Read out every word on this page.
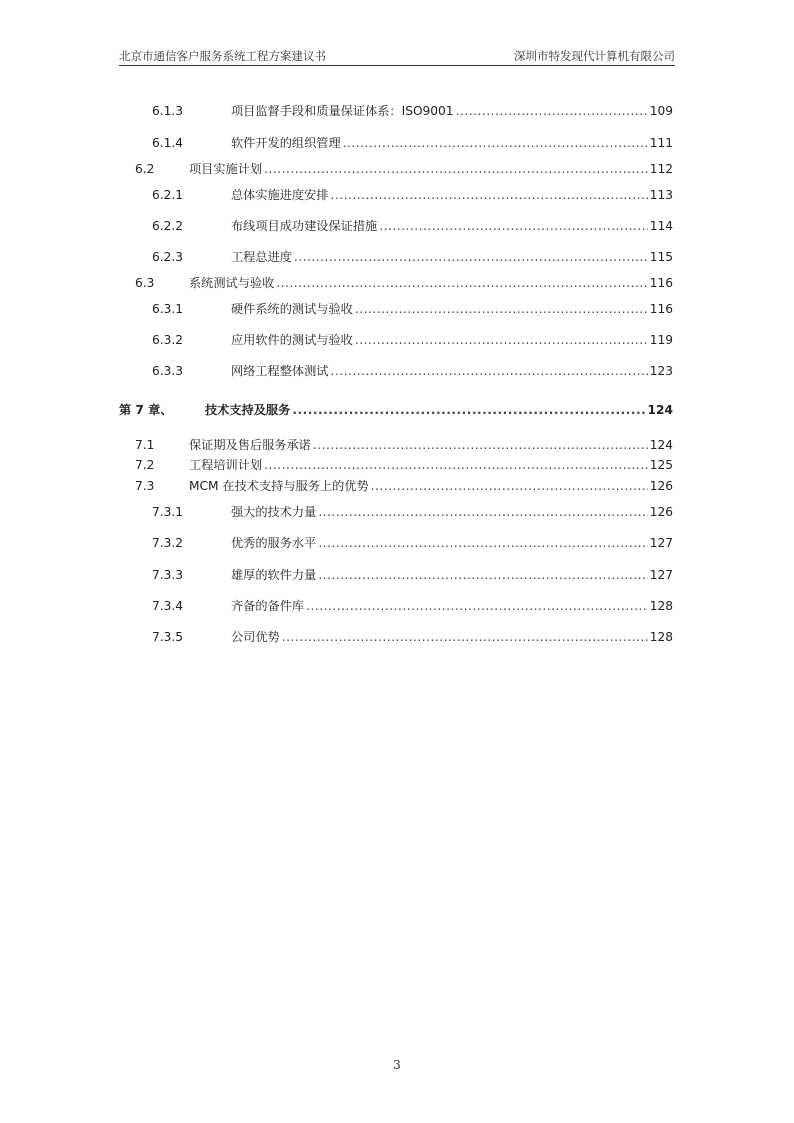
北京市通信客户服务系统工程方案建议书	深圳市特发现代计算机有限公司
6.1.3	项目监督手段和质量保证体系：ISO9001 .....	109
6.1.4	软件开发的组织管理 .....	111
6.2	项目实施计划 .....	112
6.2.1	总体实施进度安排 .....	113
6.2.2	布线项目成功建设保证措施 .....	114
6.2.3	工程总进度 .....	115
6.3	系统测试与验收 .....	116
6.3.1	硬件系统的测试与验收 .....	116
6.3.2	应用软件的测试与验收 .....	119
6.3.3	网络工程整体测试 .....	123
第 7 章、	技术支持及服务 .....	124
7.1	保证期及售后服务承诺 .....	124
7.2	工程培训计划 .....	125
7.3	MCM 在技术支持与服务上的优势 .....	126
7.3.1	强大的技术力量 .....	126
7.3.2	优秀的服务水平 .....	127
7.3.3	雄厚的软件力量 .....	127
7.3.4	齐备的备件库 .....	128
7.3.5	公司优势 .....	128
3
